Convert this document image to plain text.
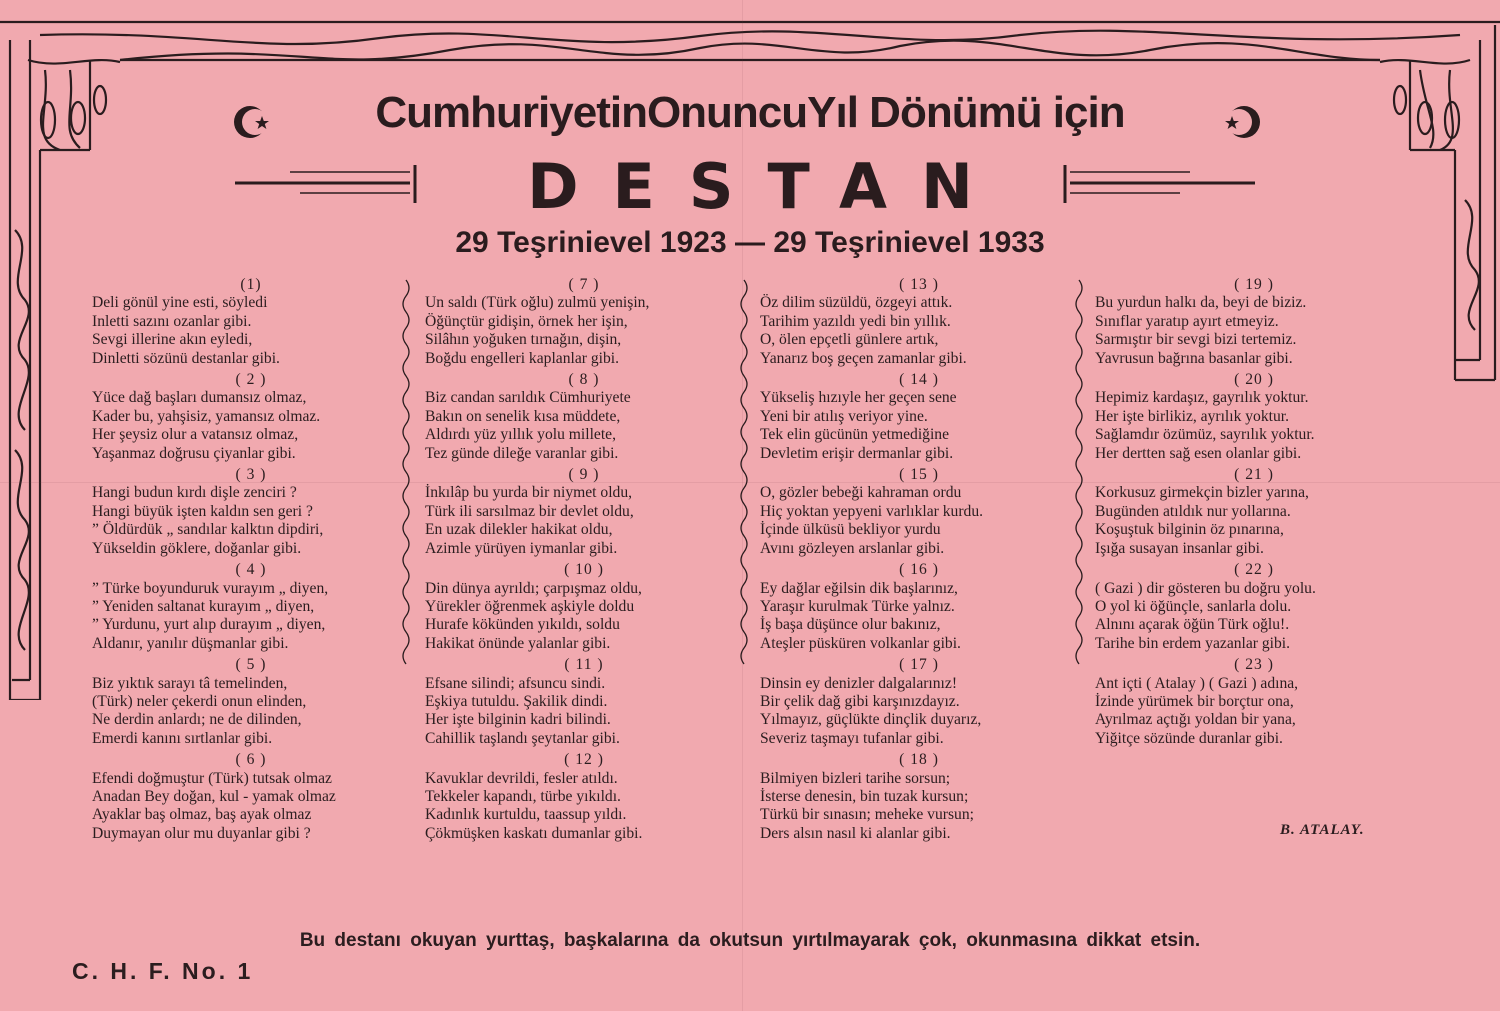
CumhuriyetinOnuncuYıl Dönümü için
DESTAN
29 Teşrinievel 1923 — 29 Teşrinievel 1933
(1)
Deli gönül yine esti, söyledi
Inletti sazını ozanlar gibi.
Sevgi illerine akın eyledi,
Dinletti sözünü destanlar gibi.
( 2 )
Yüce dağ başları dumansız olmaz,
Kader bu, yahşisiz, yamansız olmaz.
Her şeysiz olur a vatansız olmaz,
Yaşanmaz doğrusu çiyanlar gibi.
( 3 )
Hangi budun kırdı dişle zenciri ?
Hangi büyük işten kaldın sen geri ?
” Öldürdük „ sandılar kalktın dipdiri,
Yükseldin göklere, doğanlar gibi.
( 4 )
” Türke boyunduruk vurayım „ diyen,
” Yeniden saltanat kurayım „ diyen,
” Yurdunu, yurt alıp durayım „ diyen,
Aldanır, yanılır düşmanlar gibi.
( 5 )
Biz yıktık sarayı tâ temelinden,
(Türk) neler çekerdi onun elinden,
Ne derdin anlardı; ne de dilinden,
Emerdi kanını sırtlanlar gibi.
( 6 )
Efendi doğmuştur (Türk) tutsak olmaz
Anadan Bey doğan, kul - yamak olmaz
Ayaklar baş olmaz, baş ayak olmaz
Duymayan olur mu duyanlar gibi ?
( 7 )
Un saldı (Türk oğlu) zulmü yenişin,
Öğünçtür gidişin, örnek her işin,
Silâhın yoğuken tırnağın, dişin,
Boğdu engelleri kaplanlar gibi.
( 8 )
Biz candan sarıldık Cümhuriyete
Bakın on senelik kısa müddete,
Aldırdı yüz yıllık yolu millete,
Tez günde dileğe varanlar gibi.
( 9 )
İnkılâp bu yurda bir niymet oldu,
Türk ili sarsılmaz bir devlet oldu,
En uzak dilekler hakikat oldu,
Azimle yürüyen iymanlar gibi.
( 10 )
Din dünya ayrıldı; çarpışmaz oldu,
Yürekler öğrenmek aşkiyle doldu
Hurafe kökünden yıkıldı, soldu
Hakikat önünde yalanlar gibi.
( 11 )
Efsane silindi; afsuncu sindi.
Eşkiya tutuldu. Şakilik dindi.
Her işte bilginin kadri bilindi.
Cahillik taşlandı şeytanlar gibi.
( 12 )
Kavuklar devrildi, fesler atıldı.
Tekkeler kapandı, türbe yıkıldı.
Kadınlık kurtuldu, taassup yıldı.
Çökmüşken kaskatı dumanlar gibi.
( 13 )
Öz dilim süzüldü, özgeyi attık.
Tarihim yazıldı yedi bin yıllık.
O, ölen epçetli günlere artık,
Yanarız boş geçen zamanlar gibi.
( 14 )
Yükseliş hızıyle her geçen sene
Yeni bir atılış veriyor yine.
Tek elin gücünün yetmediğine
Devletim erişir dermanlar gibi.
( 15 )
O, gözler bebeği kahraman ordu
Hiç yoktan yepyeni varlıklar kurdu.
İçinde ülküsü bekliyor yurdu
Avını gözleyen arslanlar gibi.
( 16 )
Ey dağlar eğilsin dik başlarınız,
Yaraşır kurulmak Türke yalnız.
İş başa düşünce olur bakınız,
Ateşler püsküren volkanlar gibi.
( 17 )
Dinsin ey denizler dalgalarınız!
Bir çelik dağ gibi karşınızdayız.
Yılmayız, güçlükte dinçlik duyarız,
Severiz taşmayı tufanlar gibi.
( 18 )
Bilmiyen bizleri tarihe sorsun;
İsterse denesin, bin tuzak kursun;
Türkü bir sınasın; meheke vursun;
Ders alsın nasıl ki alanlar gibi.
( 19 )
Bu yurdun halkı da, beyi de biziz.
Sınıflar yaratıp ayırt etmeyiz.
Sarmıştır bir sevgi bizi tertemiz.
Yavrusun bağrına basanlar gibi.
( 20 )
Hepimiz kardaşız, gayrılık yoktur.
Her işte birlikiz, ayrılık yoktur.
Sağlamdır özümüz, sayrılık yoktur.
Her dertten sağ esen olanlar gibi.
( 21 )
Korkusuz girmekçin bizler yarına,
Bugünden atıldık nur yollarına.
Koşuştuk bilginin öz pınarına,
Işığa susayan insanlar gibi.
( 22 )
( Gazi ) dir gösteren bu doğru yolu.
O yol ki öğünçle, sanlarla dolu.
Alnını açarak öğün Türk oğlu!.
Tarihe bin erdem yazanlar gibi.
( 23 )
Ant içti ( Atalay ) ( Gazi ) adına,
İzinde yürümek bir borçtur ona,
Ayrılmaz açtığı yoldan bir yana,
Yiğitçe sözünde duranlar gibi.
B. ATALAY.
Bu destanı okuyan yurttaş, başkalarına da okutsun yırtılmayarak çok, okunmasına dikkat etsin.
C. H. F. No. 1
